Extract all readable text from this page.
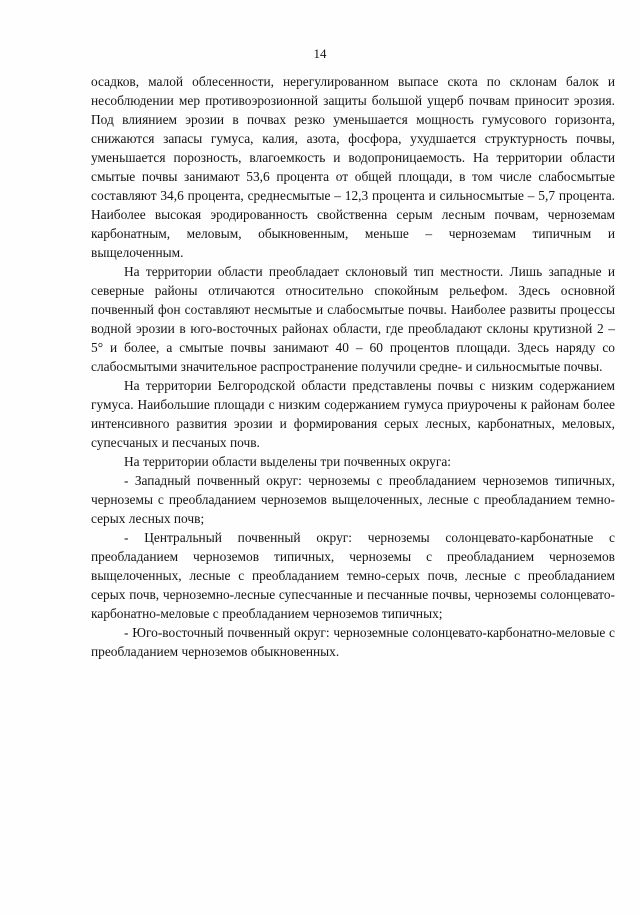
14

осадков, малой облесенности, нерегулированном выпасе скота по склонам балок и несоблюдении мер противоэрозионной защиты большой ущерб почвам приносит эрозия. Под влиянием эрозии в почвах резко уменьшается мощность гумусового горизонта, снижаются запасы гумуса, калия, азота, фосфора, ухудшается структурность почвы, уменьшается порозность, влагоемкость и водопроницаемость. На территории области смытые почвы занимают 53,6 процента от общей площади, в том числе слабосмытые составляют 34,6 процента, среднесмытые – 12,3 процента и сильносмытые – 5,7 процента. Наиболее высокая эродированность свойственна серым лесным почвам, черноземам карбонатным, меловым, обыкновенным, меньше – черноземам типичным и выщелоченным.

На территории области преобладает склоновый тип местности. Лишь западные и северные районы отличаются относительно спокойным рельефом. Здесь основной почвенный фон составляют несмытые и слабосмытые почвы. Наиболее развиты процессы водной эрозии в юго-восточных районах области, где преобладают склоны крутизной 2 – 5° и более, а смытые почвы занимают 40 – 60 процентов площади. Здесь наряду со слабосмытыми значительное распространение получили средне- и сильносмытые почвы.

На территории Белгородской области представлены почвы с низким содержанием гумуса. Наибольшие площади с низким содержанием гумуса приурочены к районам более интенсивного развития эрозии и формирования серых лесных, карбонатных, меловых, супесчаных и песчаных почв.

На территории области выделены три почвенных округа:

- Западный почвенный округ: черноземы с преобладанием черноземов типичных, черноземы с преобладанием черноземов выщелоченных, лесные с преобладанием темно-серых лесных почв;

- Центральный почвенный округ: черноземы солонцевато-карбонатные с преобладанием черноземов типичных, черноземы с преобладанием черноземов выщелоченных, лесные с преобладанием темно-серых почв, лесные с преобладанием серых почв, черноземно-лесные супесчанные и песчанные почвы, черноземы солонцевато-карбонатно-меловые с преобладанием черноземов типичных;

- Юго-восточный почвенный округ: черноземные солонцевато-карбонатно-меловые с преобладанием черноземов обыкновенных.
